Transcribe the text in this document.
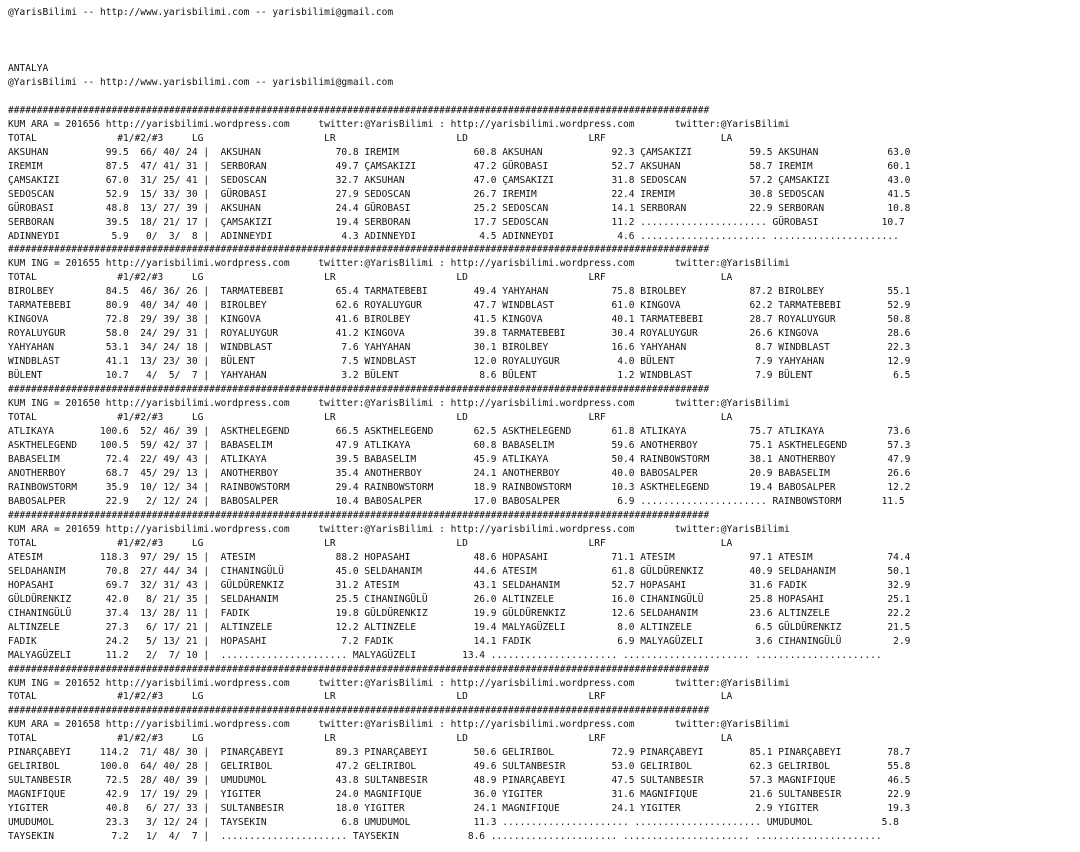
@YarisBilimi -- http://www.yarisbilimi.com -- yarisbilimi@gmail.com

ANTALYA
@YarisBilimi -- http://www.yarisbilimi.com -- yarisbilimi@gmail.com

##########################################################################################################################
KUM ARA = 201656 http://yarisbilimi.wordpress.com     twitter:@YarisBilimi : http://yarisbilimi.wordpress.com       twitter:@YarisBilimi
TOTAL              #1/#2/#3     LG                     LR                     LD                     LRF                    LA
AKSUHAN          99.5  66/ 40/ 24 |  AKSUHAN             70.8 IREMIM             60.8 AKSUHAN            92.3 ÇAMSAKIZI          59.5 AKSUHAN            63.0
IREMIM           87.5  47/ 41/ 31 |  SERBORAN            49.7 ÇAMSAKIZI          47.2 GÜROBASI           52.7 AKSUHAN            58.7 IREMIM             60.1
ÇAMSAKIZI        67.0  31/ 25/ 41 |  SEDOSCAN            32.7 AKSUHAN            47.0 ÇAMSAKIZI          31.8 SEDOSCAN           57.2 ÇAMSAKIZI          43.0
SEDOSCAN         52.9  15/ 33/ 30 |  GÜROBASI            27.9 SEDOSCAN           26.7 IREMIM             22.4 IREMIM             30.8 SEDOSCAN           41.5
GÜROBASI         48.8  13/ 27/ 39 |  AKSUHAN             24.4 GÜROBASI           25.2 SEDOSCAN           14.1 SERBORAN           22.9 SERBORAN           10.8
SERBORAN         39.5  18/ 21/ 17 |  ÇAMSAKIZI           19.4 SERBORAN           17.7 SEDOSCAN           11.2 ...................... GÜROBASI           10.7
ADINNEYDI         5.9   0/  3/  8 |  ADINNEYDI            4.3 ADINNEYDI           4.5 ADINNEYDI           4.6 ...................... ......................
##########################################################################################################################
KUM ING = 201655 http://yarisbilimi.wordpress.com     twitter:@YarisBilimi : http://yarisbilimi.wordpress.com       twitter:@YarisBilimi
TOTAL              #1/#2/#3     LG                     LR                     LD                     LRF                    LA
BIROLBEY         84.5  46/ 36/ 26 |  TARMATEBEBI         65.4 TARMATEBEBI        49.4 YAHYAHAN           75.8 BIROLBEY           87.2 BIROLBEY           55.1
TARMATEBEBI      80.9  40/ 34/ 40 |  BIROLBEY            62.6 ROYALUYGUR         47.7 WINDBLAST          61.0 KINGOVA            62.2 TARMATEBEBI        52.9
KINGOVA          72.8  29/ 39/ 38 |  KINGOVA             41.6 BIROLBEY           41.5 KINGOVA            40.1 TARMATEBEBI        28.7 ROYALUYGUR         50.8
ROYALUYGUR       58.0  24/ 29/ 31 |  ROYALUYGUR          41.2 KINGOVA            39.8 TARMATEBEBI        30.4 ROYALUYGUR         26.6 KINGOVA            28.6
YAHYAHAN         53.1  34/ 24/ 18 |  WINDBLAST            7.6 YAHYAHAN           30.1 BIROLBEY           16.6 YAHYAHAN            8.7 WINDBLAST          22.3
WINDBLAST        41.1  13/ 23/ 30 |  BÜLENT               7.5 WINDBLAST          12.0 ROYALUYGUR          4.0 BÜLENT              7.9 YAHYAHAN           12.9
BÜLENT           10.7   4/  5/  7 |  YAHYAHAN             3.2 BÜLENT              8.6 BÜLENT              1.2 WINDBLAST           7.9 BÜLENT              6.5
##########################################################################################################################
KUM ING = 201650 http://yarisbilimi.wordpress.com     twitter:@YarisBilimi : http://yarisbilimi.wordpress.com       twitter:@YarisBilimi
TOTAL              #1/#2/#3     LG                     LR                     LD                     LRF                    LA
ATLIKAYA        100.6  52/ 46/ 39 |  ASKTHELEGEND        66.5 ASKTHELEGEND       62.5 ASKTHELEGEND       61.8 ATLIKAYA           75.7 ATLIKAYA           73.6
ASKTHELEGEND    100.5  59/ 42/ 37 |  BABASELIM           47.9 ATLIKAYA           60.8 BABASELIM          59.6 ANOTHERBOY         75.1 ASKTHELEGEND       57.3
BABASELIM        72.4  22/ 49/ 43 |  ATLIKAYA            39.5 BABASELIM          45.9 ATLIKAYA           50.4 RAINBOWSTORM       38.1 ANOTHERBOY         47.9
ANOTHERBOY       68.7  45/ 29/ 13 |  ANOTHERBOY          35.4 ANOTHERBOY         24.1 ANOTHERBOY         40.0 BABOSALPER         20.9 BABASELIM          26.6
RAINBOWSTORM     35.9  10/ 12/ 34 |  RAINBOWSTORM        29.4 RAINBOWSTORM       18.9 RAINBOWSTORM       10.3 ASKTHELEGEND       19.4 BABOSALPER         12.2
BABOSALPER       22.9   2/ 12/ 24 |  BABOSALPER          10.4 BABOSALPER         17.0 BABOSALPER          6.9 ...................... RAINBOWSTORM       11.5
##########################################################################################################################
KUM ARA = 201659 http://yarisbilimi.wordpress.com     twitter:@YarisBilimi : http://yarisbilimi.wordpress.com       twitter:@YarisBilimi
TOTAL              #1/#2/#3     LG                     LR                     LD                     LRF                    LA
ATESIM          118.3  97/ 29/ 15 |  ATESIM              88.2 HOPASAHI           48.6 HOPASAHI           71.1 ATESIM             97.1 ATESIM             74.4
SELDAHANIM       70.8  27/ 44/ 34 |  CIHANINGÜLÜ         45.0 SELDAHANIM         44.6 ATESIM             61.8 GÜLDÜRENKIZ        40.9 SELDAHANIM         50.1
HOPASAHI         69.7  32/ 31/ 43 |  GÜLDÜRENKIZ         31.2 ATESIM             43.1 SELDAHANIM         52.7 HOPASAHI           31.6 FADIK              32.9
GÜLDÜRENKIZ      42.0   8/ 21/ 35 |  SELDAHANIM          25.5 CIHANINGÜLÜ        26.0 ALTINZELE          16.0 CIHANINGÜLÜ        25.8 HOPASAHI           25.1
CIHANINGÜLÜ      37.4  13/ 28/ 11 |  FADIK               19.8 GÜLDÜRENKIZ        19.9 GÜLDÜRENKIZ        12.6 SELDAHANIM         23.6 ALTINZELE          22.2
ALTINZELE        27.3   6/ 17/ 21 |  ALTINZELE           12.2 ALTINZELE          19.4 MALYAGÜZELI         8.0 ALTINZELE           6.5 GÜLDÜRENKIZ        21.5
FADIK            24.2   5/ 13/ 21 |  HOPASAHI             7.2 FADIK              14.1 FADIK               6.9 MALYAGÜZELI         3.6 CIHANINGÜLÜ         2.9
MALYAGÜZELI      11.2   2/  7/ 10 |  ...................... MALYAGÜZELI        13.4 ...................... ...................... ......................
##########################################################################################################################
KUM ING = 201652 http://yarisbilimi.wordpress.com     twitter:@YarisBilimi : http://yarisbilimi.wordpress.com       twitter:@YarisBilimi
TOTAL              #1/#2/#3     LG                     LR                     LD                     LRF                    LA
##########################################################################################################################
KUM ARA = 201658 http://yarisbilimi.wordpress.com     twitter:@YarisBilimi : http://yarisbilimi.wordpress.com       twitter:@YarisBilimi
TOTAL              #1/#2/#3     LG                     LR                     LD                     LRF                    LA
PINARÇABEYI     114.2  71/ 48/ 30 |  PINARÇABEYI         89.3 PINARÇABEYI        50.6 GELIRIBOL          72.9 PINARÇABEYI        85.1 PINARÇABEYI        78.7
GELIRIBOL       100.0  64/ 40/ 28 |  GELIRIBOL           47.2 GELIRIBOL          49.6 SULTANBESIR        53.0 GELIRIBOL          62.3 GELIRIBOL          55.8
SULTANBESIR      72.5  28/ 40/ 39 |  UMUDUMOL            43.8 SULTANBESIR        48.9 PINARÇABEYI        47.5 SULTANBESIR        57.3 MAGNIFIQUE         46.5
MAGNIFIQUE       42.9  17/ 19/ 29 |  YIGITER             24.0 MAGNIFIQUE         36.0 YIGITER            31.6 MAGNIFIQUE         21.6 SULTANBESIR        22.9
YIGITER          40.8   6/ 27/ 33 |  SULTANBESIR         18.0 YIGITER            24.1 MAGNIFIQUE         24.1 YIGITER             2.9 YIGITER            19.3
UMUDUMOL         23.3   3/ 12/ 24 |  TAYSEKIN             6.8 UMUDUMOL           11.3 ...................... ...................... UMUDUMOL            5.8
TAYSEKIN          7.2   1/  4/  7 |  ...................... TAYSEKIN            8.6 ...................... ...................... ......................
